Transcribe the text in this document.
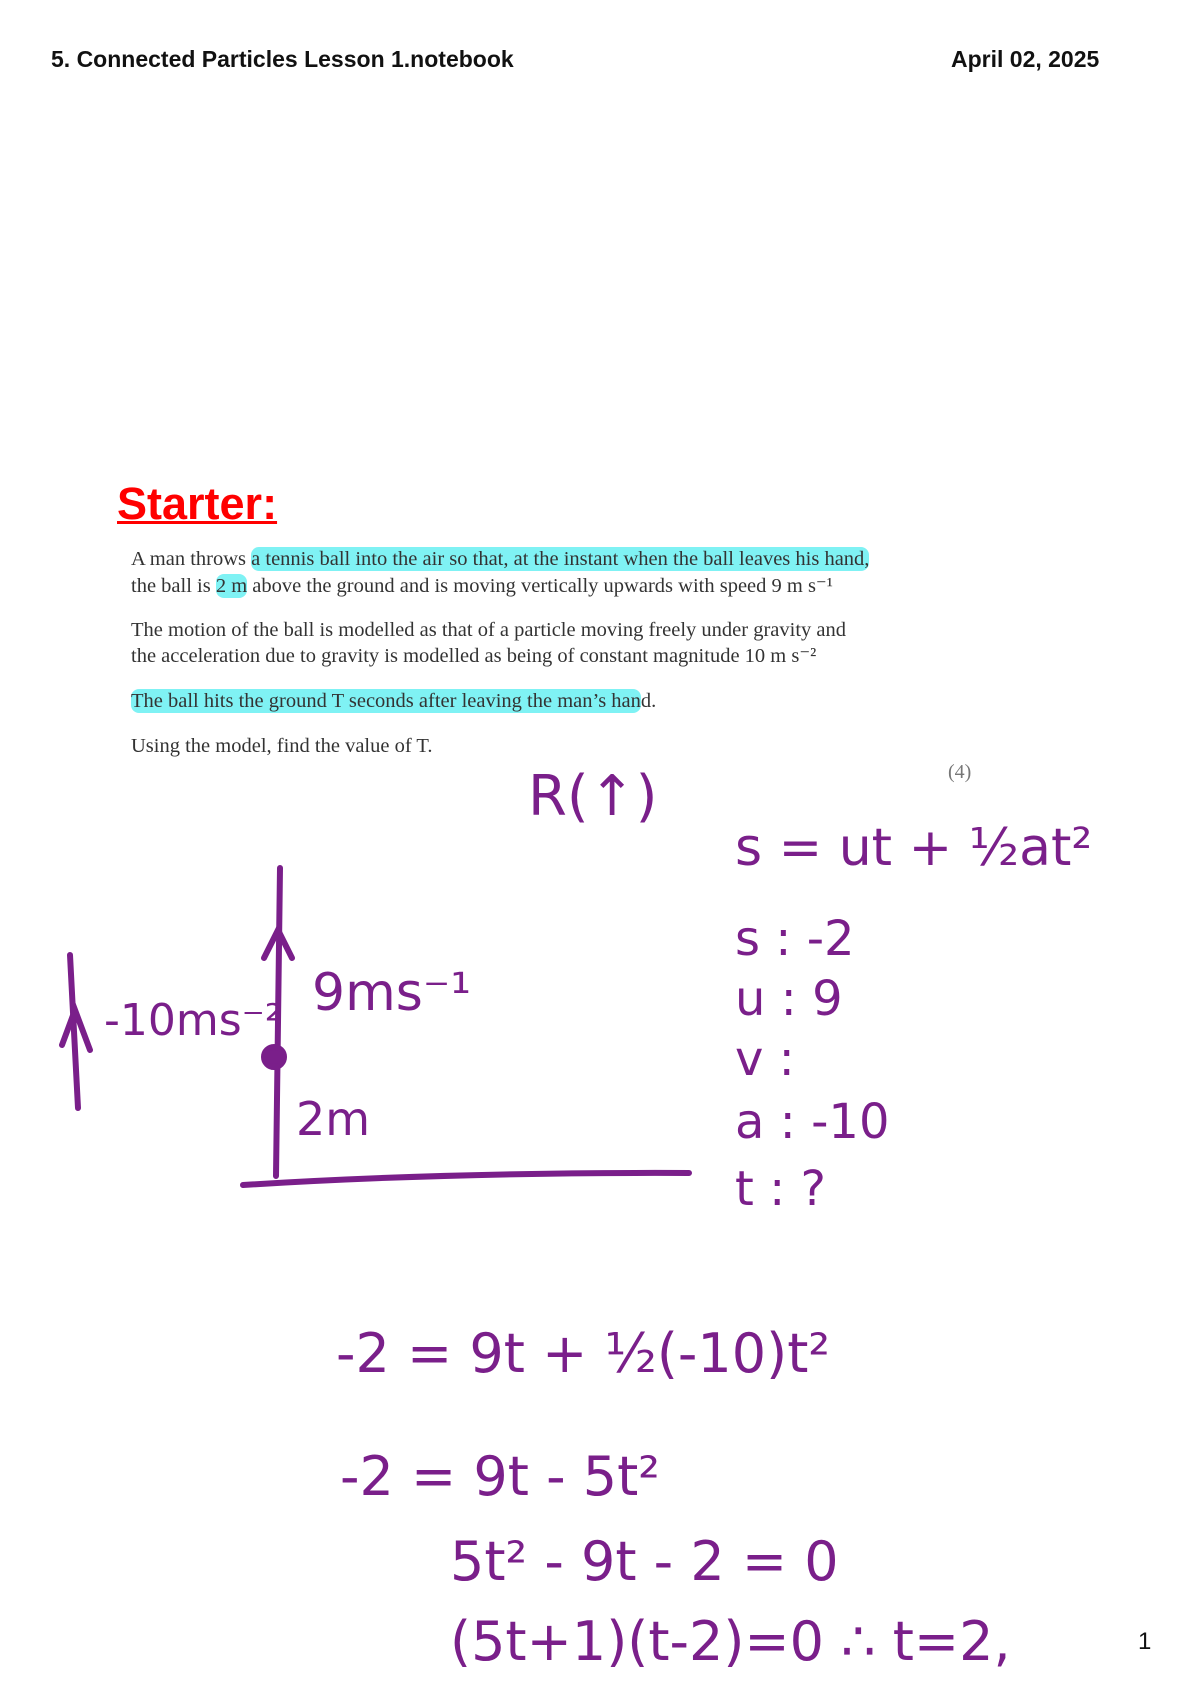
5. Connected Particles Lesson 1.notebook	April 02, 2025
Starter:
A man throws a tennis ball into the air so that, at the instant when the ball leaves his hand,
the ball is 2 m above the ground and is moving vertically upwards with speed 9 m s⁻¹
The motion of the ball is modelled as that of a particle moving freely under gravity and
the acceleration due to gravity is modelled as being of constant magnitude 10 m s⁻²
The ball hits the ground T seconds after leaving the man’s hand.
Using the model, find the value of T.
(4)
R(↑)
s = ut + ½at²
s : -2
u : 9
v :
a : -10
t : ?
-10ms⁻² 9ms⁻¹
2m
-2 = 9t + ½(-10)t²
-2 = 9t - 5t²
5t² - 9t - 2 = 0
(5t+1)(t-2)=0 ∴ t=2,	1
